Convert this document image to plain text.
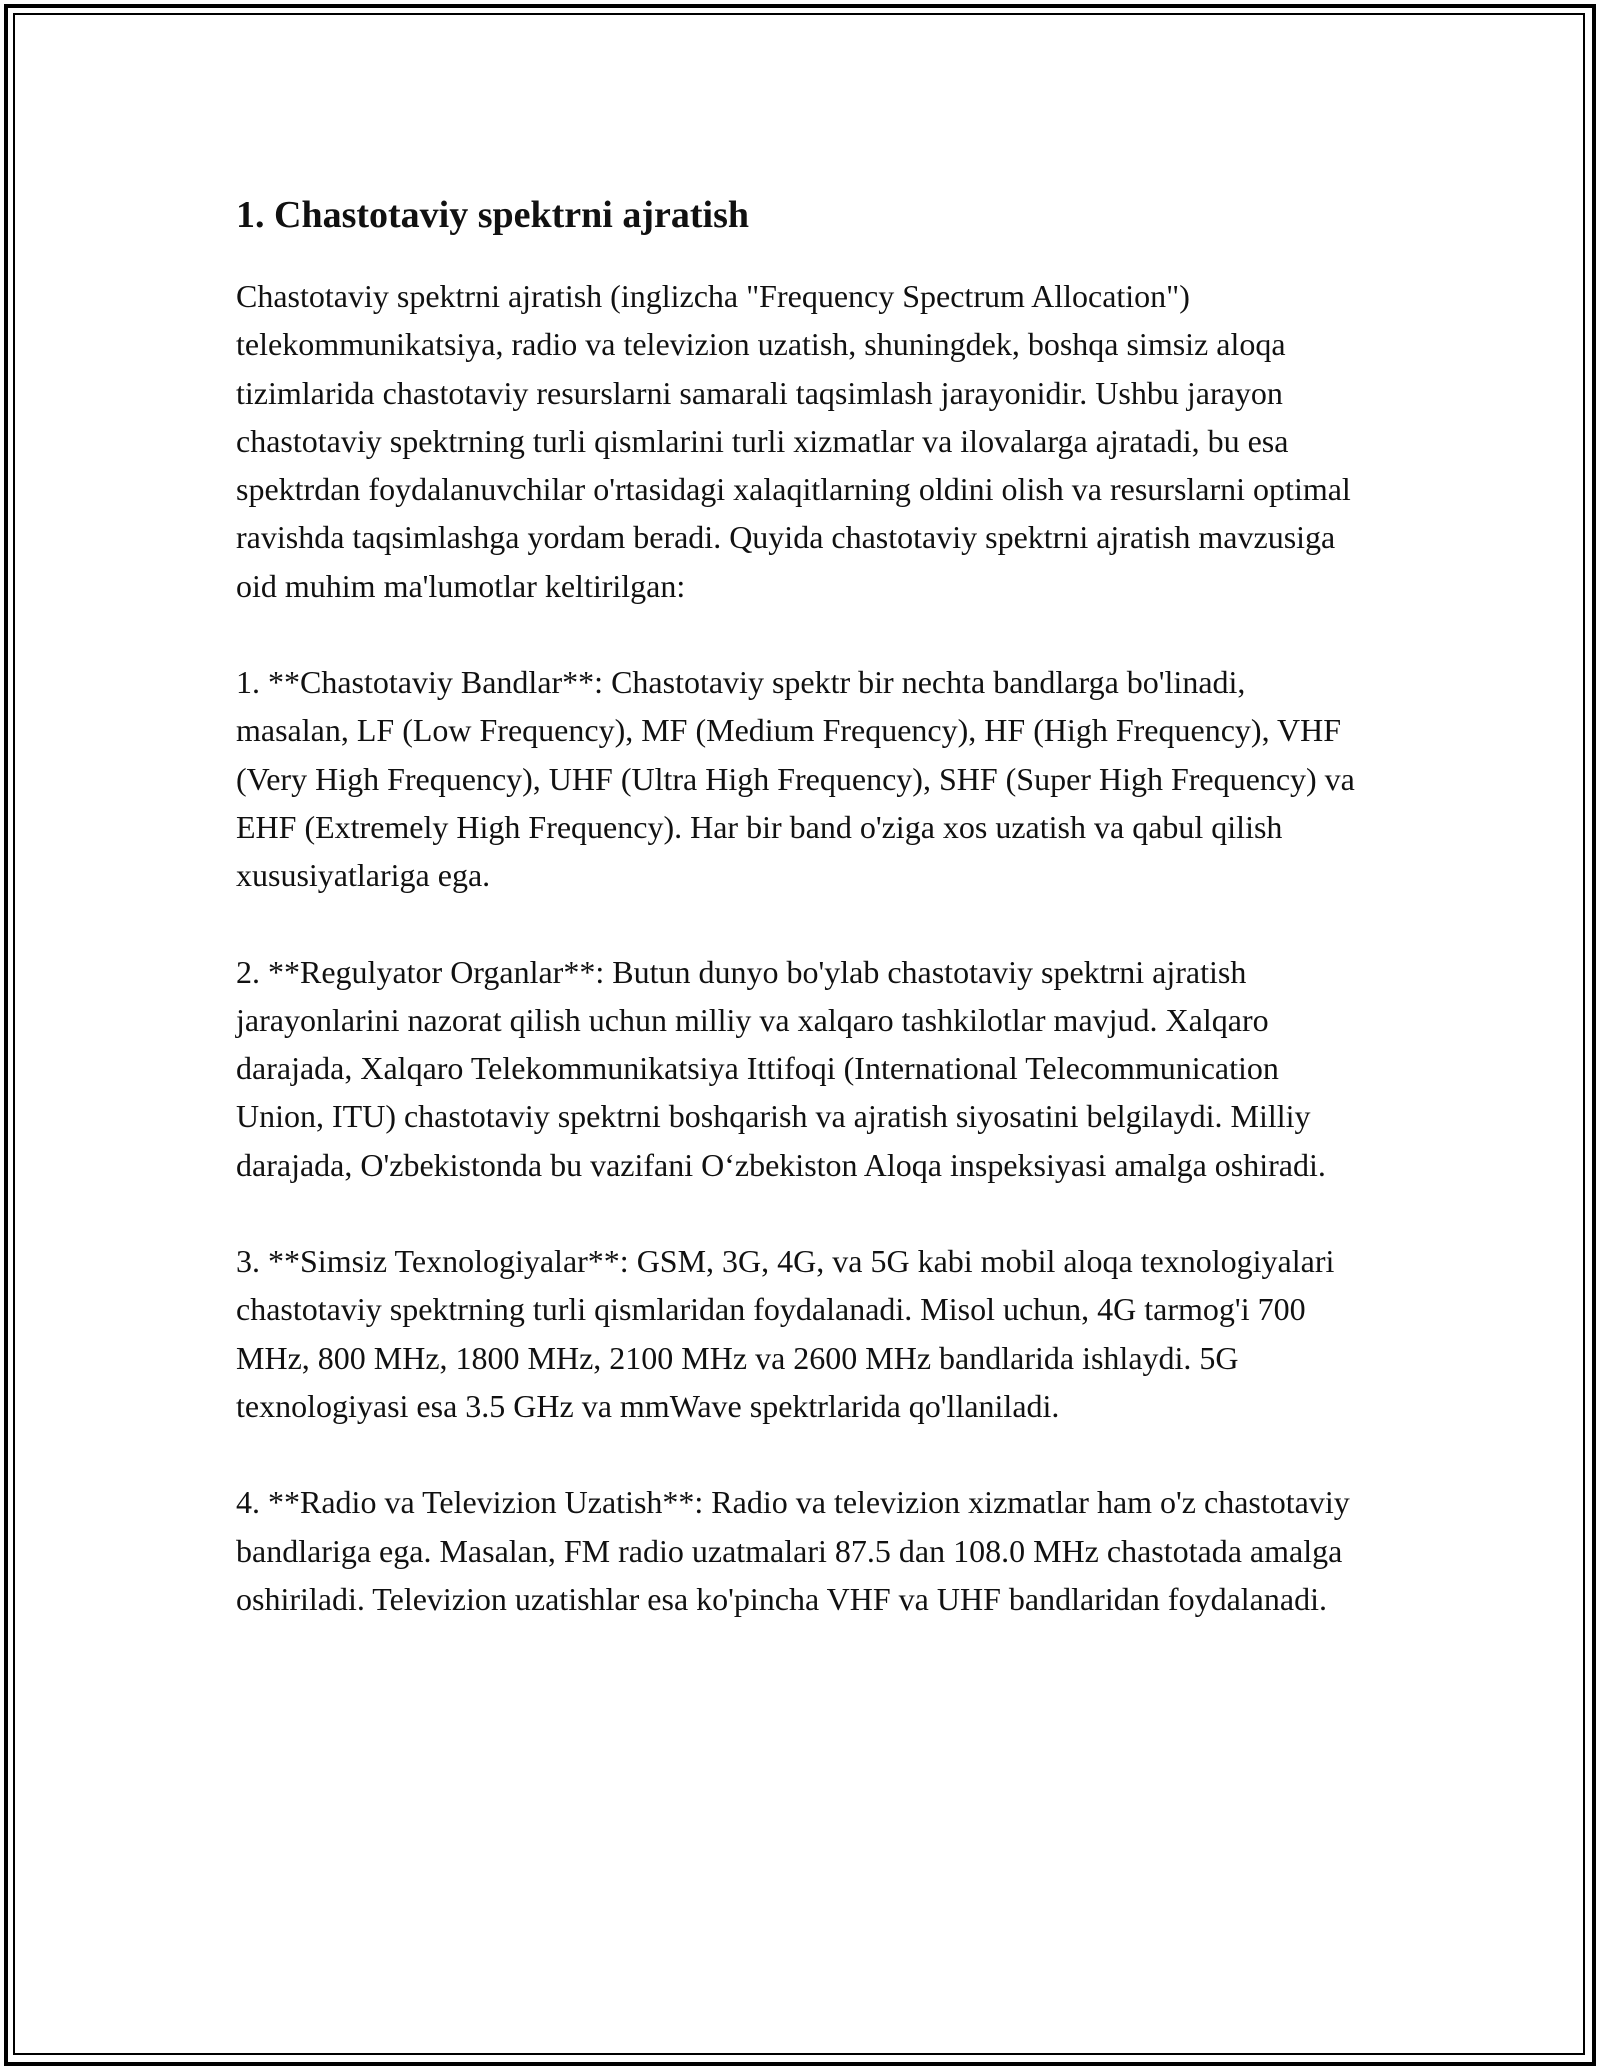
1. Chastotaviy spektrni ajratish

Chastotaviy spektrni ajratish (inglizcha "Frequency Spectrum Allocation") telekommunikatsiya, radio va televizion uzatish, shuningdek, boshqa simsiz aloqa tizimlarida chastotaviy resurslarni samarali taqsimlash jarayonidir. Ushbu jarayon chastotaviy spektrning turli qismlarini turli xizmatlar va ilovalarga ajratadi, bu esa spektrdan foydalanuvchilar o'rtasidagi xalaqitlarning oldini olish va resurslarni optimal ravishda taqsimlashga yordam beradi. Quyida chastotaviy spektrni ajratish mavzusiga oid muhim ma'lumotlar keltirilgan:

1. **Chastotaviy Bandlar**: Chastotaviy spektr bir nechta bandlarga bo'linadi, masalan, LF (Low Frequency), MF (Medium Frequency), HF (High Frequency), VHF (Very High Frequency), UHF (Ultra High Frequency), SHF (Super High Frequency) va EHF (Extremely High Frequency). Har bir band o'ziga xos uzatish va qabul qilish xususiyatlariga ega.

2. **Regulyator Organlar**: Butun dunyo bo'ylab chastotaviy spektrni ajratish jarayonlarini nazorat qilish uchun milliy va xalqaro tashkilotlar mavjud. Xalqaro darajada, Xalqaro Telekommunikatsiya Ittifoqi (International Telecommunication Union, ITU) chastotaviy spektrni boshqarish va ajratish siyosatini belgilaydi. Milliy darajada, O'zbekistonda bu vazifani O‘zbekiston Aloqa inspeksiyasi amalga oshiradi.

3. **Simsiz Texnologiyalar**: GSM, 3G, 4G, va 5G kabi mobil aloqa texnologiyalari chastotaviy spektrning turli qismlaridan foydalanadi. Misol uchun, 4G tarmog'i 700 MHz, 800 MHz, 1800 MHz, 2100 MHz va 2600 MHz bandlarida ishlaydi. 5G texnologiyasi esa 3.5 GHz va mmWave spektrlarida qo'llaniladi.

4. **Radio va Televizion Uzatish**: Radio va televizion xizmatlar ham o'z chastotaviy bandlariga ega. Masalan, FM radio uzatmalari 87.5 dan 108.0 MHz chastotada amalga oshiriladi. Televizion uzatishlar esa ko'pincha VHF va UHF bandlaridan foydalanadi.
